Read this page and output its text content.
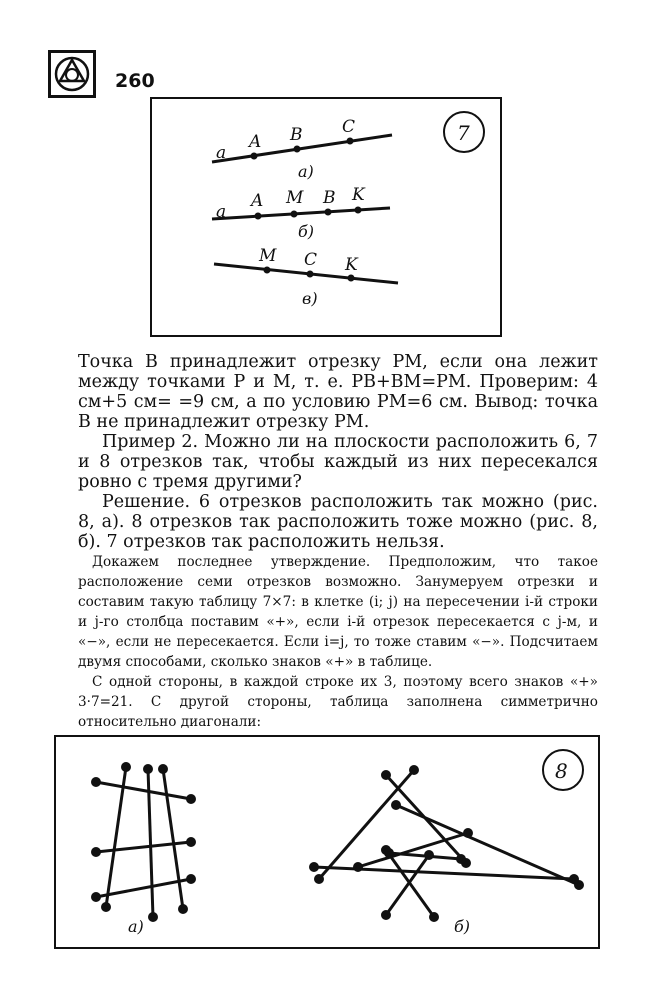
260
7
a
A B C
а)
a
A M B K
б)
M C K
в)

Точка B принадлежит отрезку PM, если она лежит между точками P и M, т. е. PB+BM=PM. Проверим: 4 см+5 см= =9 см, а по условию PM=6 см. Вывод: точка B не принадлежит отрезку PM.

Пример 2. Можно ли на плоскости расположить 6, 7 и 8 отрезков так, чтобы каждый из них пересекался ровно с тремя другими?

Решение. 6 отрезков расположить так можно (рис. 8, а). 8 отрезков так расположить тоже можно (рис. 8, б). 7 отрезков так расположить нельзя.

Докажем последнее утверждение. Предположим, что такое расположение семи отрезков возможно. Занумеруем отрезки и составим такую таблицу 7×7: в клетке (i; j) на пересечении i-й строки и j-го столбца поставим «+», если i-й отрезок пересекается с j-м, и «−», если не пересекается. Если i=j, то тоже ставим «−». Подсчитаем двумя способами, сколько знаков «+» в таблице.

С одной стороны, в каждой строке их 3, поэтому всего знаков «+» 3·7=21. С другой стороны, таблица заполнена симметрично относительно диагонали:

8
а)	б)
